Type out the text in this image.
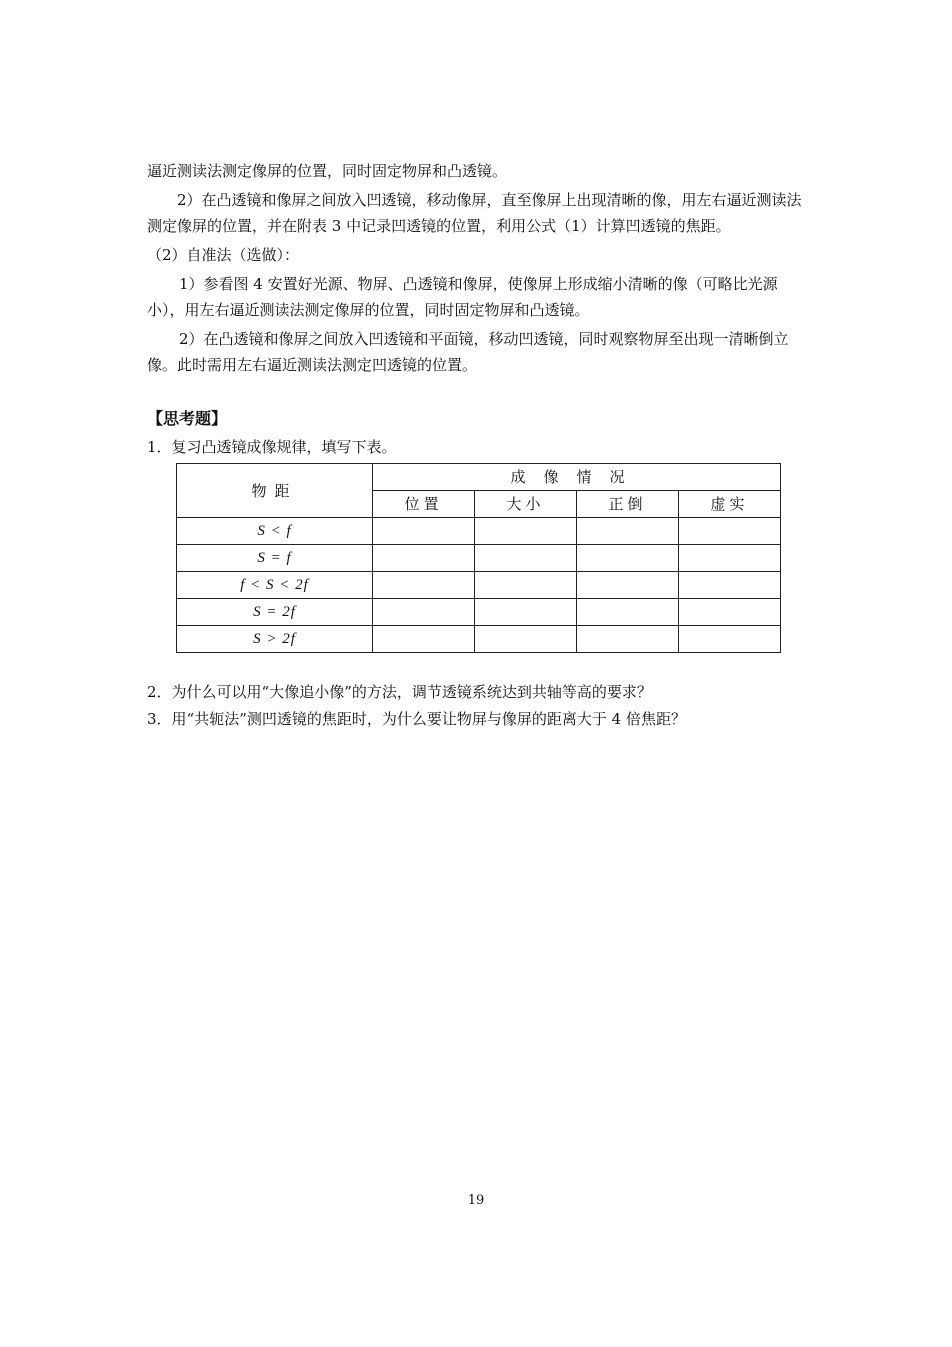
逼近测读法测定像屏的位置，同时固定物屏和凸透镜。

2）在凸透镜和像屏之间放入凹透镜，移动像屏，直至像屏上出现清晰的像，用左右逼近测读法测定像屏的位置，并在附表 3 中记录凹透镜的位置，利用公式（1）计算凹透镜的焦距。

（2）自准法（选做）：

1）参看图 4 安置好光源、物屏、凸透镜和像屏，使像屏上形成缩小清晰的像（可略比光源小），用左右逼近测读法测定像屏的位置，同时固定物屏和凸透镜。

2）在凸透镜和像屏之间放入凹透镜和平面镜，移动凹透镜，同时观察物屏至出现一清晰倒立像。此时需用左右逼近测读法测定凹透镜的位置。

【思考题】

1．复习凸透镜成像规律，填写下表。

物距	成像情况			
	位置	大小	正倒	虚实
S < f				
S = f				
f < S < 2f				
S = 2f				
S > 2f				

2．为什么可以用“大像追小像”的方法，调节透镜系统达到共轴等高的要求？

3．用“共轭法”测凹透镜的焦距时，为什么要让物屏与像屏的距离大于 4 倍焦距？

19
